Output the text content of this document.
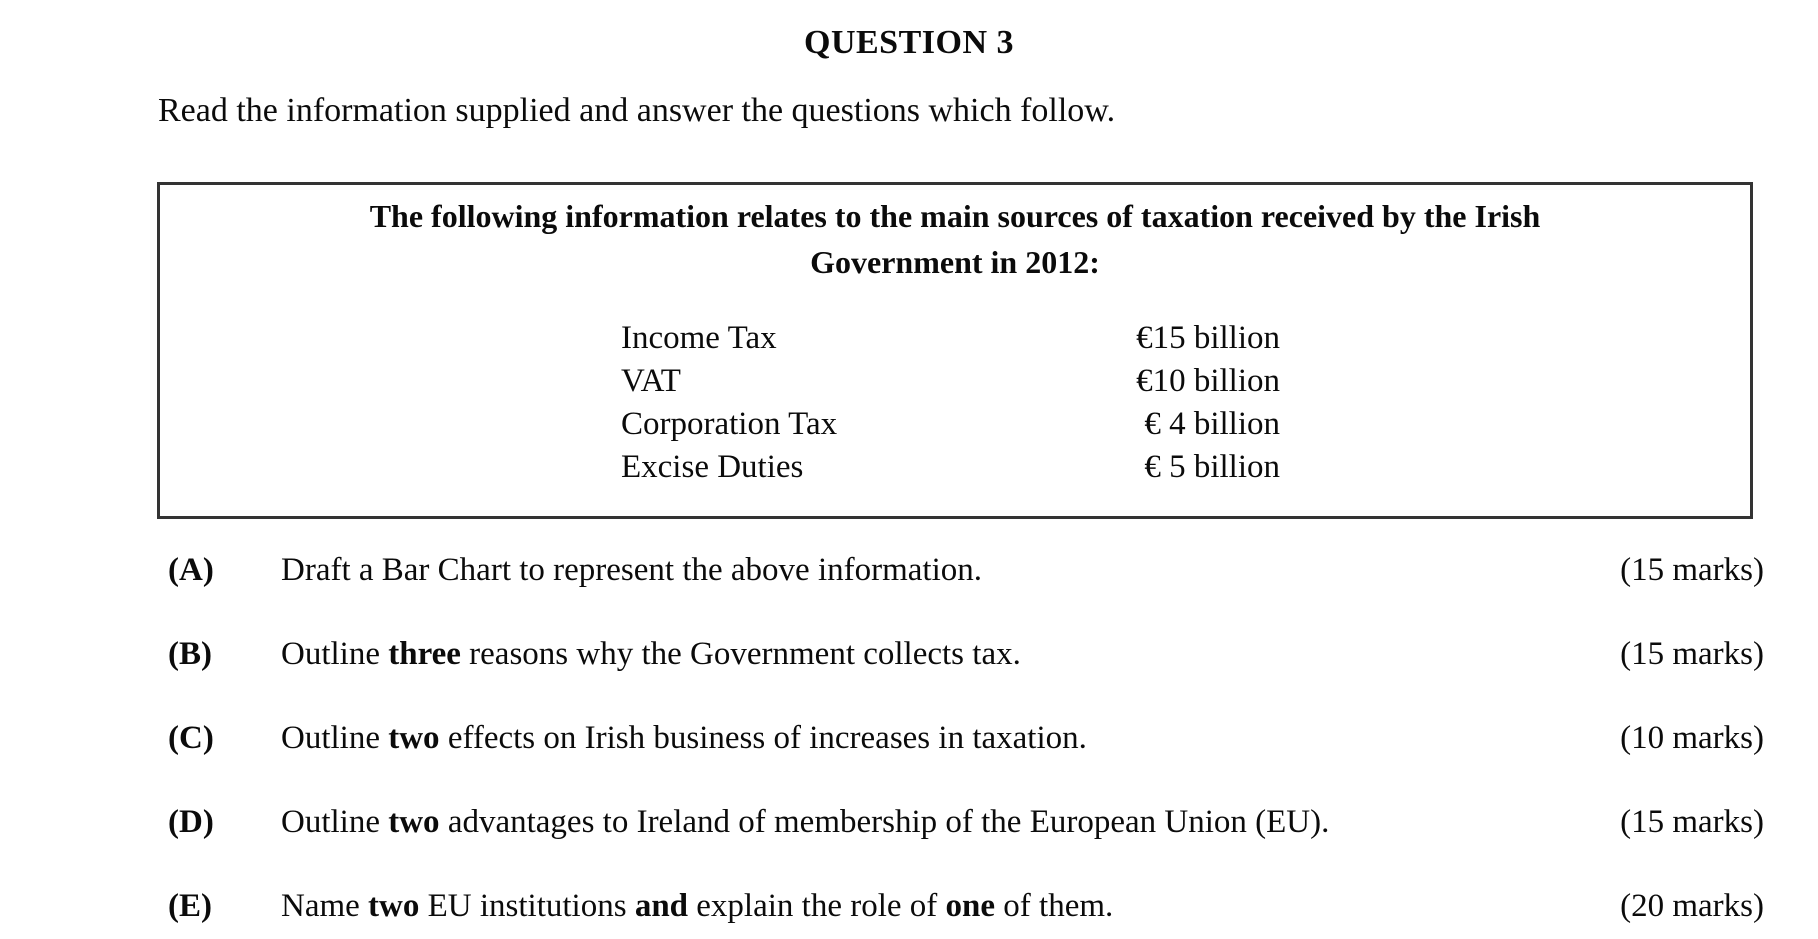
QUESTION 3

Read the information supplied and answer the questions which follow.

The following information relates to the main sources of taxation received by the Irish
Government in 2012:
Income Tax	€15 billion
VAT	€10 billion
Corporation Tax	€ 4 billion
Excise Duties	€ 5 billion
(A) Draft a Bar Chart to represent the above information.	(15 marks)
(B) Outline three reasons why the Government collects tax.	(15 marks)
(C) Outline two effects on Irish business of increases in taxation.	(10 marks)
(D) Outline two advantages to Ireland of membership of the European Union (EU).	(15 marks)
(E) Name two EU institutions and explain the role of one of them.	(20 marks)
